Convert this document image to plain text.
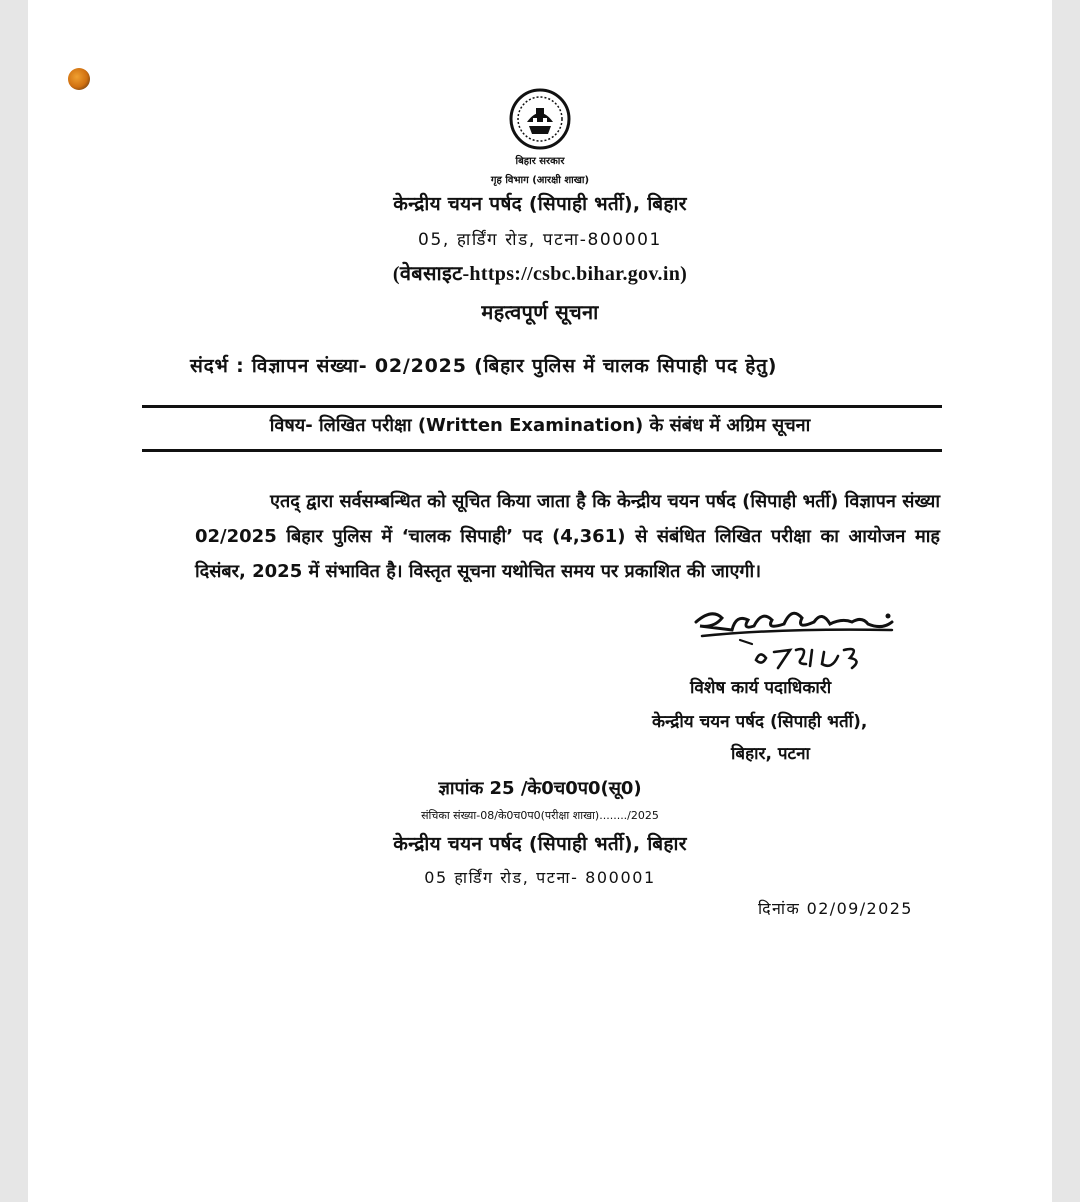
बिहार सरकार
गृह विभाग (आरक्षी शाखा)
केन्द्रीय चयन पर्षद (सिपाही भर्ती), बिहार
05, हार्डिंग रोड, पटना-800001
(वेबसाइट-https://csbc.bihar.gov.in)
महत्वपूर्ण सूचना
संदर्भ : विज्ञापन संख्या- 02/2025 (बिहार पुलिस में चालक सिपाही पद हेतु)
विषय- लिखित परीक्षा (Written Examination) के संबंध में अग्रिम सूचना
एतद् द्वारा सर्वसम्बन्धित को सूचित किया जाता है कि केन्द्रीय चयन पर्षद (सिपाही भर्ती) विज्ञापन संख्या 02/2025 बिहार पुलिस में ‘चालक सिपाही’ पद (4,361) से संबंधित लिखित परीक्षा का आयोजन माह दिसंबर, 2025 में संभावित है। विस्तृत सूचना यथोचित समय पर प्रकाशित की जाएगी।
विशेष कार्य पदाधिकारी
केन्द्रीय चयन पर्षद (सिपाही भर्ती),
बिहार, पटना
ज्ञापांक 25 /के0च0प0(सू0)
संचिका संख्या-08/के0च0प0(परीक्षा शाखा)......../2025
केन्द्रीय चयन पर्षद (सिपाही भर्ती), बिहार
05 हार्डिंग रोड, पटना- 800001
दिनांक 02/09/2025
